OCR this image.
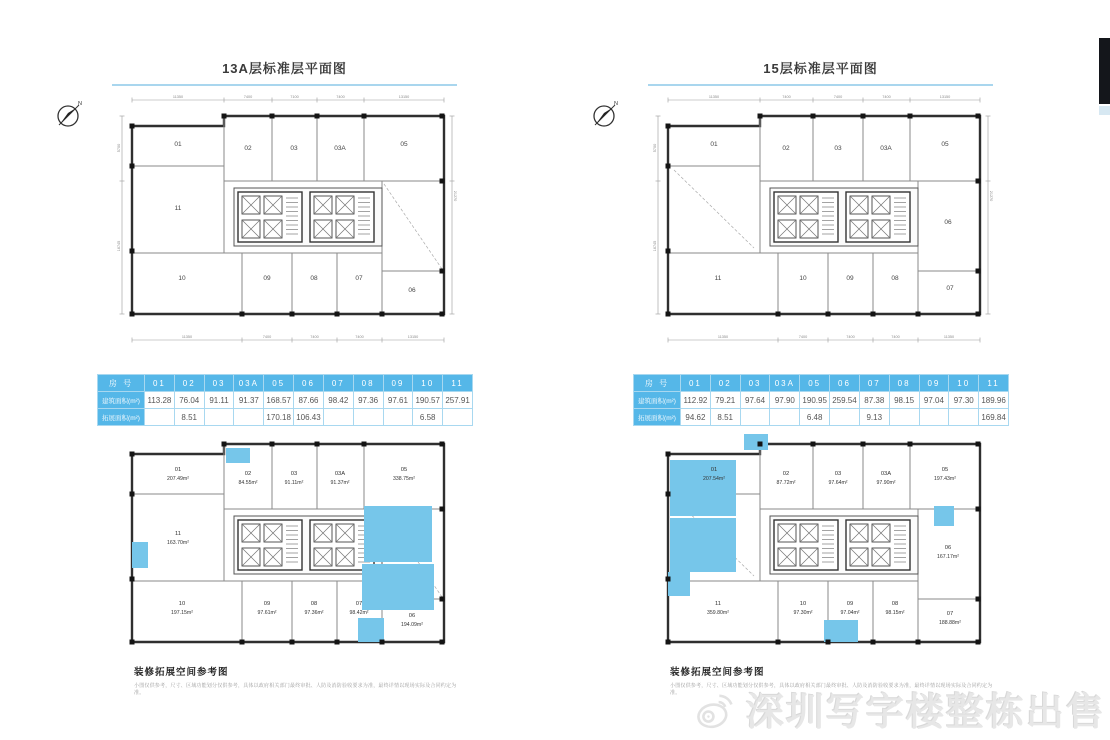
13A层标准层平面图
N
01
02	03	03A
05
06
07
08
09
10
11
11350	7400	7100	7400	13150
11350	7400	7400	7400	13150
5700
16745
21270
房 号	01	02	03	03A	05	06	07	08	09	10	11
建筑面积(m²)	113.28	76.04	91.11	91.37	168.57	87.66	98.42	97.36	97.61	190.57	257.91
拓展面积(m²)		8.51			170.18	106.43				6.58	
01
207.49m²
02
84.55m²
03
91.11m²
03A
91.37m²
05
338.75m²
06
194.09m²
07
98.42m²
08
97.36m²
09
97.61m²
10
197.15m²
11
163.70m²
装修拓展空间参考图
小图仅供参考，尺寸、区域功能划分仅供参考，具体以政府相关部门最终审批、人防及消防验收要求为准，最终详情以现场实际及合同约定为准。
15层标准层平面图
N
01
02	03	03A
05
06
07
08
09
10
11
11350	7400	7400	7400	13150
11350	7400	7400	7400	11350
5700
16745
21270
房 号	01	02	03	03A	05	06	07	08	09	10	11
建筑面积(m²)	112.92	79.21	97.64	97.90	190.95	259.54	87.38	98.15	97.04	97.30	189.96
拓展面积(m²)	94.62	8.51			6.48		9.13				169.84
01
207.54m²
02
87.72m²
03
97.64m²
03A
97.90m²
05
197.43m²
06
167.17m²
07
188.88m²
08
98.15m²
09
97.04m²
10
97.30m²
11
359.80m²
装修拓展空间参考图
小图仅供参考，尺寸、区域功能划分仅供参考，具体以政府相关部门最终审批、人防及消防验收要求为准，最终详情以现场实际及合同约定为准。	深圳写字楼整栋出售
